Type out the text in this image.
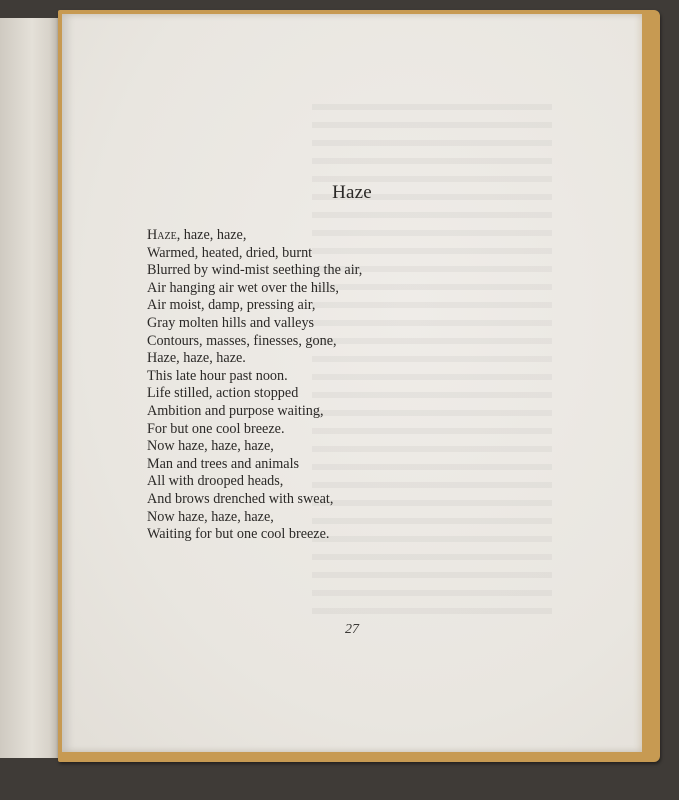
Haze
Haze, haze, haze,
Warmed, heated, dried, burnt
Blurred by wind-mist seething the air,
Air hanging air wet over the hills,
Air moist, damp, pressing air,
Gray molten hills and valleys
Contours, masses, finesses, gone,
Haze, haze, haze.
This late hour past noon.
Life stilled, action stopped
Ambition and purpose waiting,
For but one cool breeze.
Now haze, haze, haze,
Man and trees and animals
All with drooped heads,
And brows drenched with sweat,
Now haze, haze, haze,
Waiting for but one cool breeze.
27
